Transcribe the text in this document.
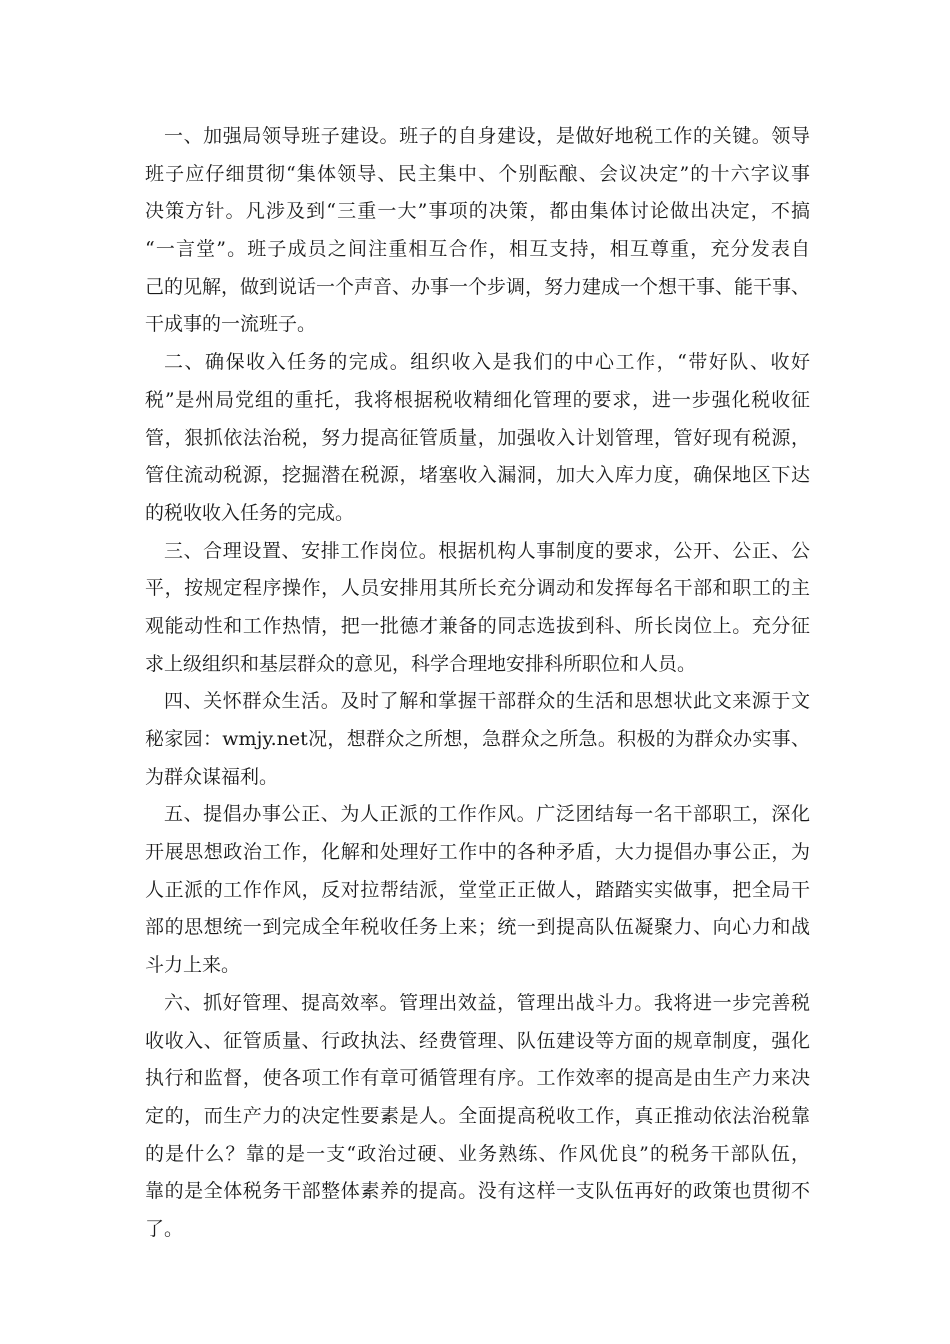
一、加强局领导班子建设。班子的自身建设，是做好地税工作的关键。领导
班子应仔细贯彻“集体领导、民主集中、个别酝酿、会议决定”的十六字议事
决策方针。凡涉及到“三重一大”事项的决策，都由集体讨论做出决定，不搞
“一言堂”。班子成员之间注重相互合作，相互支持，相互尊重，充分发表自
己的见解，做到说话一个声音、办事一个步调，努力建成一个想干事、能干事、
干成事的一流班子。
二、确保收入任务的完成。组织收入是我们的中心工作，“带好队、收好
税”是州局党组的重托，我将根据税收精细化管理的要求，进一步强化税收征
管，狠抓依法治税，努力提高征管质量，加强收入计划管理，管好现有税源，
管住流动税源，挖掘潜在税源，堵塞收入漏洞，加大入库力度，确保地区下达
的税收收入任务的完成。
三、合理设置、安排工作岗位。根据机构人事制度的要求，公开、公正、公
平，按规定程序操作，人员安排用其所长充分调动和发挥每名干部和职工的主
观能动性和工作热情，把一批德才兼备的同志选拔到科、所长岗位上。充分征
求上级组织和基层群众的意见，科学合理地安排科所职位和人员。
四、关怀群众生活。及时了解和掌握干部群众的生活和思想状此文来源于文
秘家园：wmjy.net况，想群众之所想，急群众之所急。积极的为群众办实事、
为群众谋福利。
五、提倡办事公正、为人正派的工作作风。广泛团结每一名干部职工，深化
开展思想政治工作，化解和处理好工作中的各种矛盾，大力提倡办事公正，为
人正派的工作作风，反对拉帮结派，堂堂正正做人，踏踏实实做事，把全局干
部的思想统一到完成全年税收任务上来；统一到提高队伍凝聚力、向心力和战
斗力上来。
六、抓好管理、提高效率。管理出效益，管理出战斗力。我将进一步完善税
收收入、征管质量、行政执法、经费管理、队伍建设等方面的规章制度，强化
执行和监督，使各项工作有章可循管理有序。工作效率的提高是由生产力来决
定的，而生产力的决定性要素是人。全面提高税收工作，真正推动依法治税靠
的是什么？靠的是一支“政治过硬、业务熟练、作风优良”的税务干部队伍，
靠的是全体税务干部整体素养的提高。没有这样一支队伍再好的政策也贯彻不
了。
